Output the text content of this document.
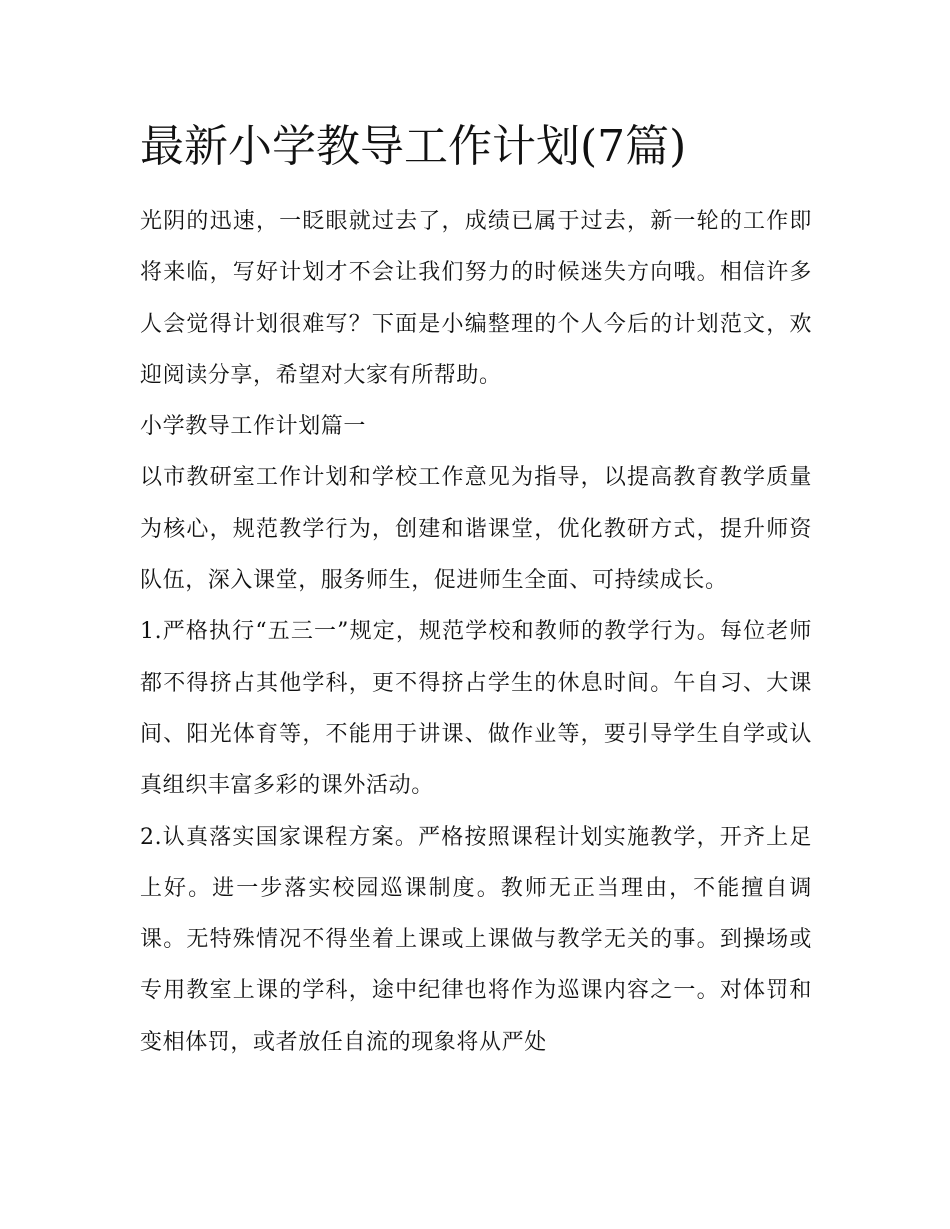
最新小学教导工作计划(7篇)

光阴的迅速，一眨眼就过去了，成绩已属于过去，新一轮的工作即将来临，写好计划才不会让我们努力的时候迷失方向哦。相信许多人会觉得计划很难写？下面是小编整理的个人今后的计划范文，欢迎阅读分享，希望对大家有所帮助。

小学教导工作计划篇一

以市教研室工作计划和学校工作意见为指导，以提高教育教学质量为核心，规范教学行为，创建和谐课堂，优化教研方式，提升师资队伍，深入课堂，服务师生，促进师生全面、可持续成长。

1.严格执行“五三一”规定，规范学校和教师的教学行为。每位老师都不得挤占其他学科，更不得挤占学生的休息时间。午自习、大课间、阳光体育等，不能用于讲课、做作业等，要引导学生自学或认真组织丰富多彩的课外活动。

2.认真落实国家课程方案。严格按照课程计划实施教学，开齐上足上好。进一步落实校园巡课制度。教师无正当理由，不能擅自调课。无特殊情况不得坐着上课或上课做与教学无关的事。到操场或专用教室上课的学科，途中纪律也将作为巡课内容之一。对体罚和变相体罚，或者放任自流的现象将从严处
